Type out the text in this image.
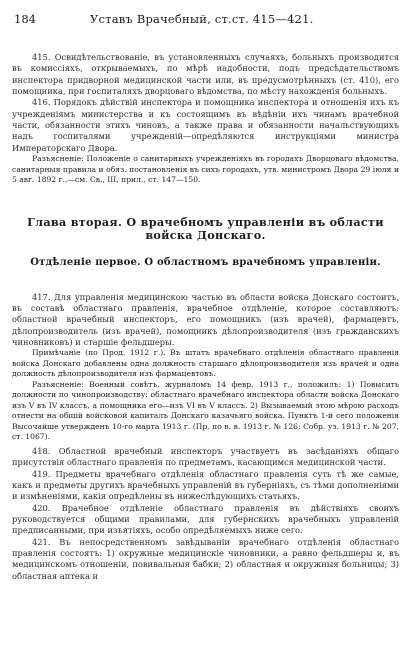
184	Уставъ Врачебный, ст.ст. 415—421.

415. Освидѣтельствованіе, въ установленныхъ случаяхъ, больныхъ производится въ комиссіяхъ, открываемыхъ, по мѣрѣ надобности, подъ предсѣдательствомъ инспектора придворной медицинской части или, въ предусмотрѣнныхъ (ст. 410), его помощника, при госпиталяхъ дворцоваго вѣдомства, по мѣсту нахожденія больныхъ.

416. Порядокъ дѣйствій инспектора и помощника инспектора и отношенія ихъ къ учрежденіямъ министерства и къ состоящимъ въ вѣдѣніи ихъ чинамъ врачебной части, обязанности этихъ чиновъ, а также права и обязанности начальствующихъ надъ госпиталями учрежденій—опредѣляются инструкціями министра Императорскаго Двора.

Разъясненіе: Положеніе о санитарныхъ учрежденіяхъ въ городахъ Дворцоваго вѣдомства, санитарныя правила и обяз. постановленія въ сихъ городахъ, утв. министромъ Двора 29 іюля и 5 авг. 1892 г.,—см. Св., III, прил., ст. 147—150.

Глава вторая. О врачебномъ управленіи въ области войска Донскаго.
Отдѣленіе первое. О областномъ врачебномъ управленіи.

417. Для управленія медицинскою частью въ области войска Донскаго состоитъ, въ составѣ областнаго правленія, врачебное отдѣленіе, которое составляютъ: областной врачебный инспекторъ, его помощникъ (изъ врачей), фармацевтъ, дѣлопроизводитель (изъ врачей), помощникъ дѣлопроизводителя (изъ гражданскихъ чиновниковъ) и старшіе фельдшеры.

Примѣчаніе (по Прод. 1912 г.). Въ штатъ врачебнаго отдѣленія областнаго правленія войска Донскаго добавлены одна должность старшаго дѣлопроизводителя изъ врачей и одна должность дѣлопроизводителя изъ фармацевтовъ.

Разъясненіе: Военный совѣтъ, журналомъ 14 февр. 1913 г., положилъ: 1) Повысить должности по чинопроизводству: областнаго врачебнаго инспектора области войска Донскаго изъ V въ IV классъ, а помощника его—изъ VI въ V классъ. 2) Вызываемый этою мѣрою расходъ отнести на общій войсковой капиталъ Донскаго казачьяго войска. Пунктъ 1-й сего положенія Высочайше утвержденъ 10-го марта 1913 г. (Пр. по в. в. 1913 г. № 126; Собр. уз. 1913 г. № 207, ст. 1067).

418. Областной врачебный инспекторъ участвуетъ въ засѣданіяхъ общаго присутствія областнаго правленія по предметамъ, касающимся медицинской части.

419. Предметы врачебнаго отдѣленія областнаго правленія суть тѣ же самые, какъ и предметы другихъ врачебныхъ управленій въ губерніяхъ, съ тѣми дополненіями и измѣненіями, какія опредѣлены въ нижеслѣдующихъ статьяхъ.

420. Врачебное отдѣленіе областнаго правленія въ дѣйствіяхъ своихъ руководствуется общими правилами, для губернскихъ врачебныхъ управленій предписанными, при изъятіяхъ, особо опредѣляемыхъ ниже сего.

421. Въ непосредственномъ завѣдываніи врачебнаго отдѣленія областнаго правленія состоятъ: 1) окружные медицинскіе чиновники, а равно фельдшеры и, въ медицинскомъ отношеніи, повивальныя бабки; 2) областная и окружныя больницы; 3) областная аптека и
